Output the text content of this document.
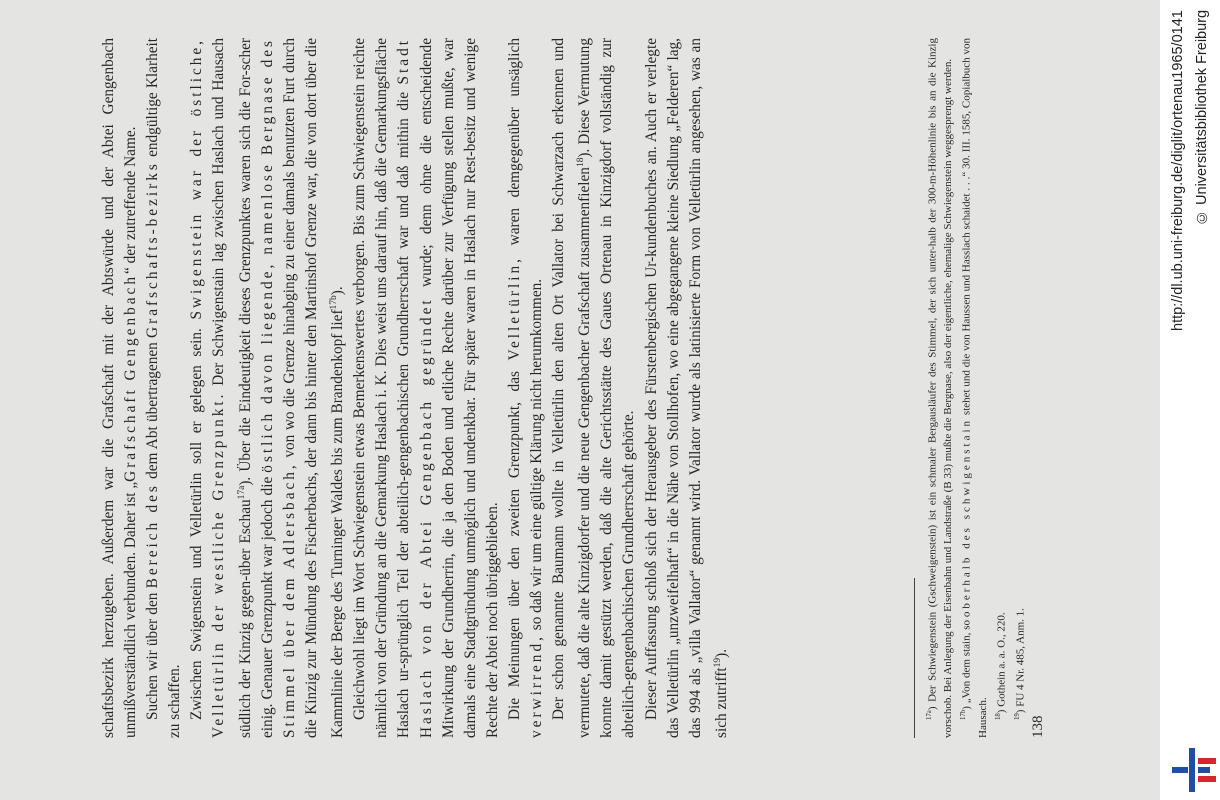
schaftsbezirk herzugeben. Außerdem war die Grafschaft mit der Abtswürde und der Abtei Gengenbach unmißverständlich verbunden. Daher ist „Grafschaft Gengenbach“ der zutreffende Name.

Suchen wir über den Bereich des dem Abt übertragenen Grafschafts-bezirks endgültige Klarheit zu schaffen. Zwischen Swigenstein und Velletürlin soll er gelegen sein. Swigenstein war der östliche, Velletürlin der westliche Grenzpunkt. Der Schwigenstain lag zwischen Haslach und Hausach südlich der Kinzig gegen-über Eschau$^{17a}$). Über die Eindeutigkeit dieses Grenzpunktes waren sich die For-scher einig. Genauer Grenzpunkt war jedoch die östlich davon liegende, namenlose Bergnase des Stimmel über dem Adlersbach, von wo die Grenze hinabging zu einer damals benutzten Furt durch die Kinzig zur Mündung des Fischerbachs, der dann bis hinter den Martinshof Grenze war, die von dort über die Kammlinie der Berge des Turninger Waldes bis zum Brandenkopf lief$^{17b}$). Gleichwohl liegt im Wort Schwiegenstein etwas Bemerkenswertes verborgen. Bis zum Schwiegenstein reichte nämlich von der Gründung an die Gemarkung Haslach i. K. Dies weist uns darauf hin, daß die Gemarkungsfläche Haslach ur-sprünglich Teil der abteilich-gengenbachischen Grundherrschaft war und daß mithin die Stadt Haslach von der Abtei Gengenbach gegründet wurde; denn ohne die entscheidende Mitwirkung der Grundherrin, die ja den Boden und etliche Rechte darüber zur Verfügung stellen mußte, war damals eine Stadtgründung unmöglich und undenkbar. Für später waren in Haslach nur Rest-besitz und wenige Rechte der Abtei noch übriggeblieben. Die Meinungen über den zweiten Grenzpunkt, das Velletürlin, waren demgegenüber unsäglich verwirrend, so daß wir um eine gültige Klärung nicht herumkommen. Der schon genannte Baumann wollte in Velletürlin den alten Ort Vallator bei Schwarzach erkennen und vermutete, daß die alte Kinzigdorfer und die neue Gengenbacher Grafschaft zusammenfielen$^{18}$). Diese Vermutung konnte damit gestützt werden, daß die alte Gerichtsstätte des Gaues Ortenau in Kinzigdorf vollständig zur abteilich-gengenbachischen Grundherrschaft gehörte. Dieser Auffassung schloß sich der Herausgeber des Fürstenbergischen Ur-kundenbuches an. Auch er verlegte das Velletürlin „unzweifelhaft“ in die Nähe von Stollhofen, wo eine abgegangene kleine Siedlung „Felderen“ lag, das 994 als „villa Vallator“ genannt wird. Vallator wurde als latinisierte Form von Velletürlin angesehen, was an sich zutrifft$^{19}$).

$^{17a}$) Der Schwiegenstein (Gschweigenstein) ist ein schmaler Bergausläufer des Stimmel, der sich unter-halb der 300-m-Höhenlinie bis an die Kinzig vorschob. Bei Anlegung der Eisenbahn und Landstraße (B 33) mußte die Bergnase, also der eigentliche, ehemalige Schwiegenstein weggesprengt werden. $^{17b}$) „Von dem stain, so oberhalb des schwigenstain stehet und die von Haussen und Hasslach schaidet . . .“ 30. III. 1585, Copialbuch von Hausach. $^{18}$) Gothein a. a. O., 220.

$^{19}$) FU 4 Nr. 485, Anm. 1.

138
http://dl.ub.uni-freiburg.de/diglit/ortenau1965/0141 © Universitätsbibliothek Freiburg
